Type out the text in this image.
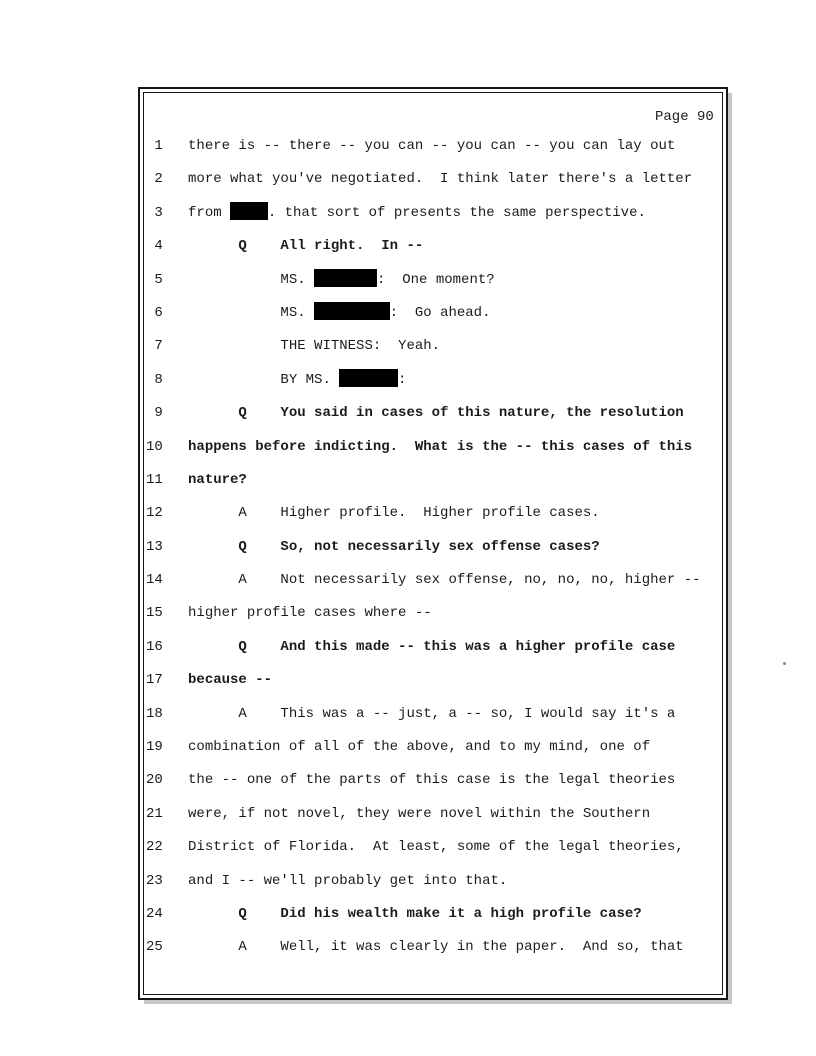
Page 90
1 there is -- there -- you can -- you can -- you can lay out
2 more what you've negotiated.  I think later there's a letter
3 from	. that sort of presents the same perspective.
4         Q    All right.  In --
5              MS.	:  One moment?
6              MS.	:  Go ahead.
7              THE WITNESS:  Yeah.
8              BY MS.	:
9         Q    You said in cases of this nature, the resolution
10 happens before indicting.  What is the -- this cases of this
11 nature?
12         A    Higher profile.  Higher profile cases.
13         Q    So, not necessarily sex offense cases?
14         A    Not necessarily sex offense, no, no, no, higher --
15 higher profile cases where --
16         Q    And this made -- this was a higher profile case
17 because --
18         A    This was a -- just, a -- so, I would say it's a
19 combination of all of the above, and to my mind, one of
20 the -- one of the parts of this case is the legal theories
21 were, if not novel, they were novel within the Southern
22 District of Florida.  At least, some of the legal theories,
23 and I -- we'll probably get into that.
24         Q    Did his wealth make it a high profile case?
25         A    Well, it was clearly in the paper.  And so, that
